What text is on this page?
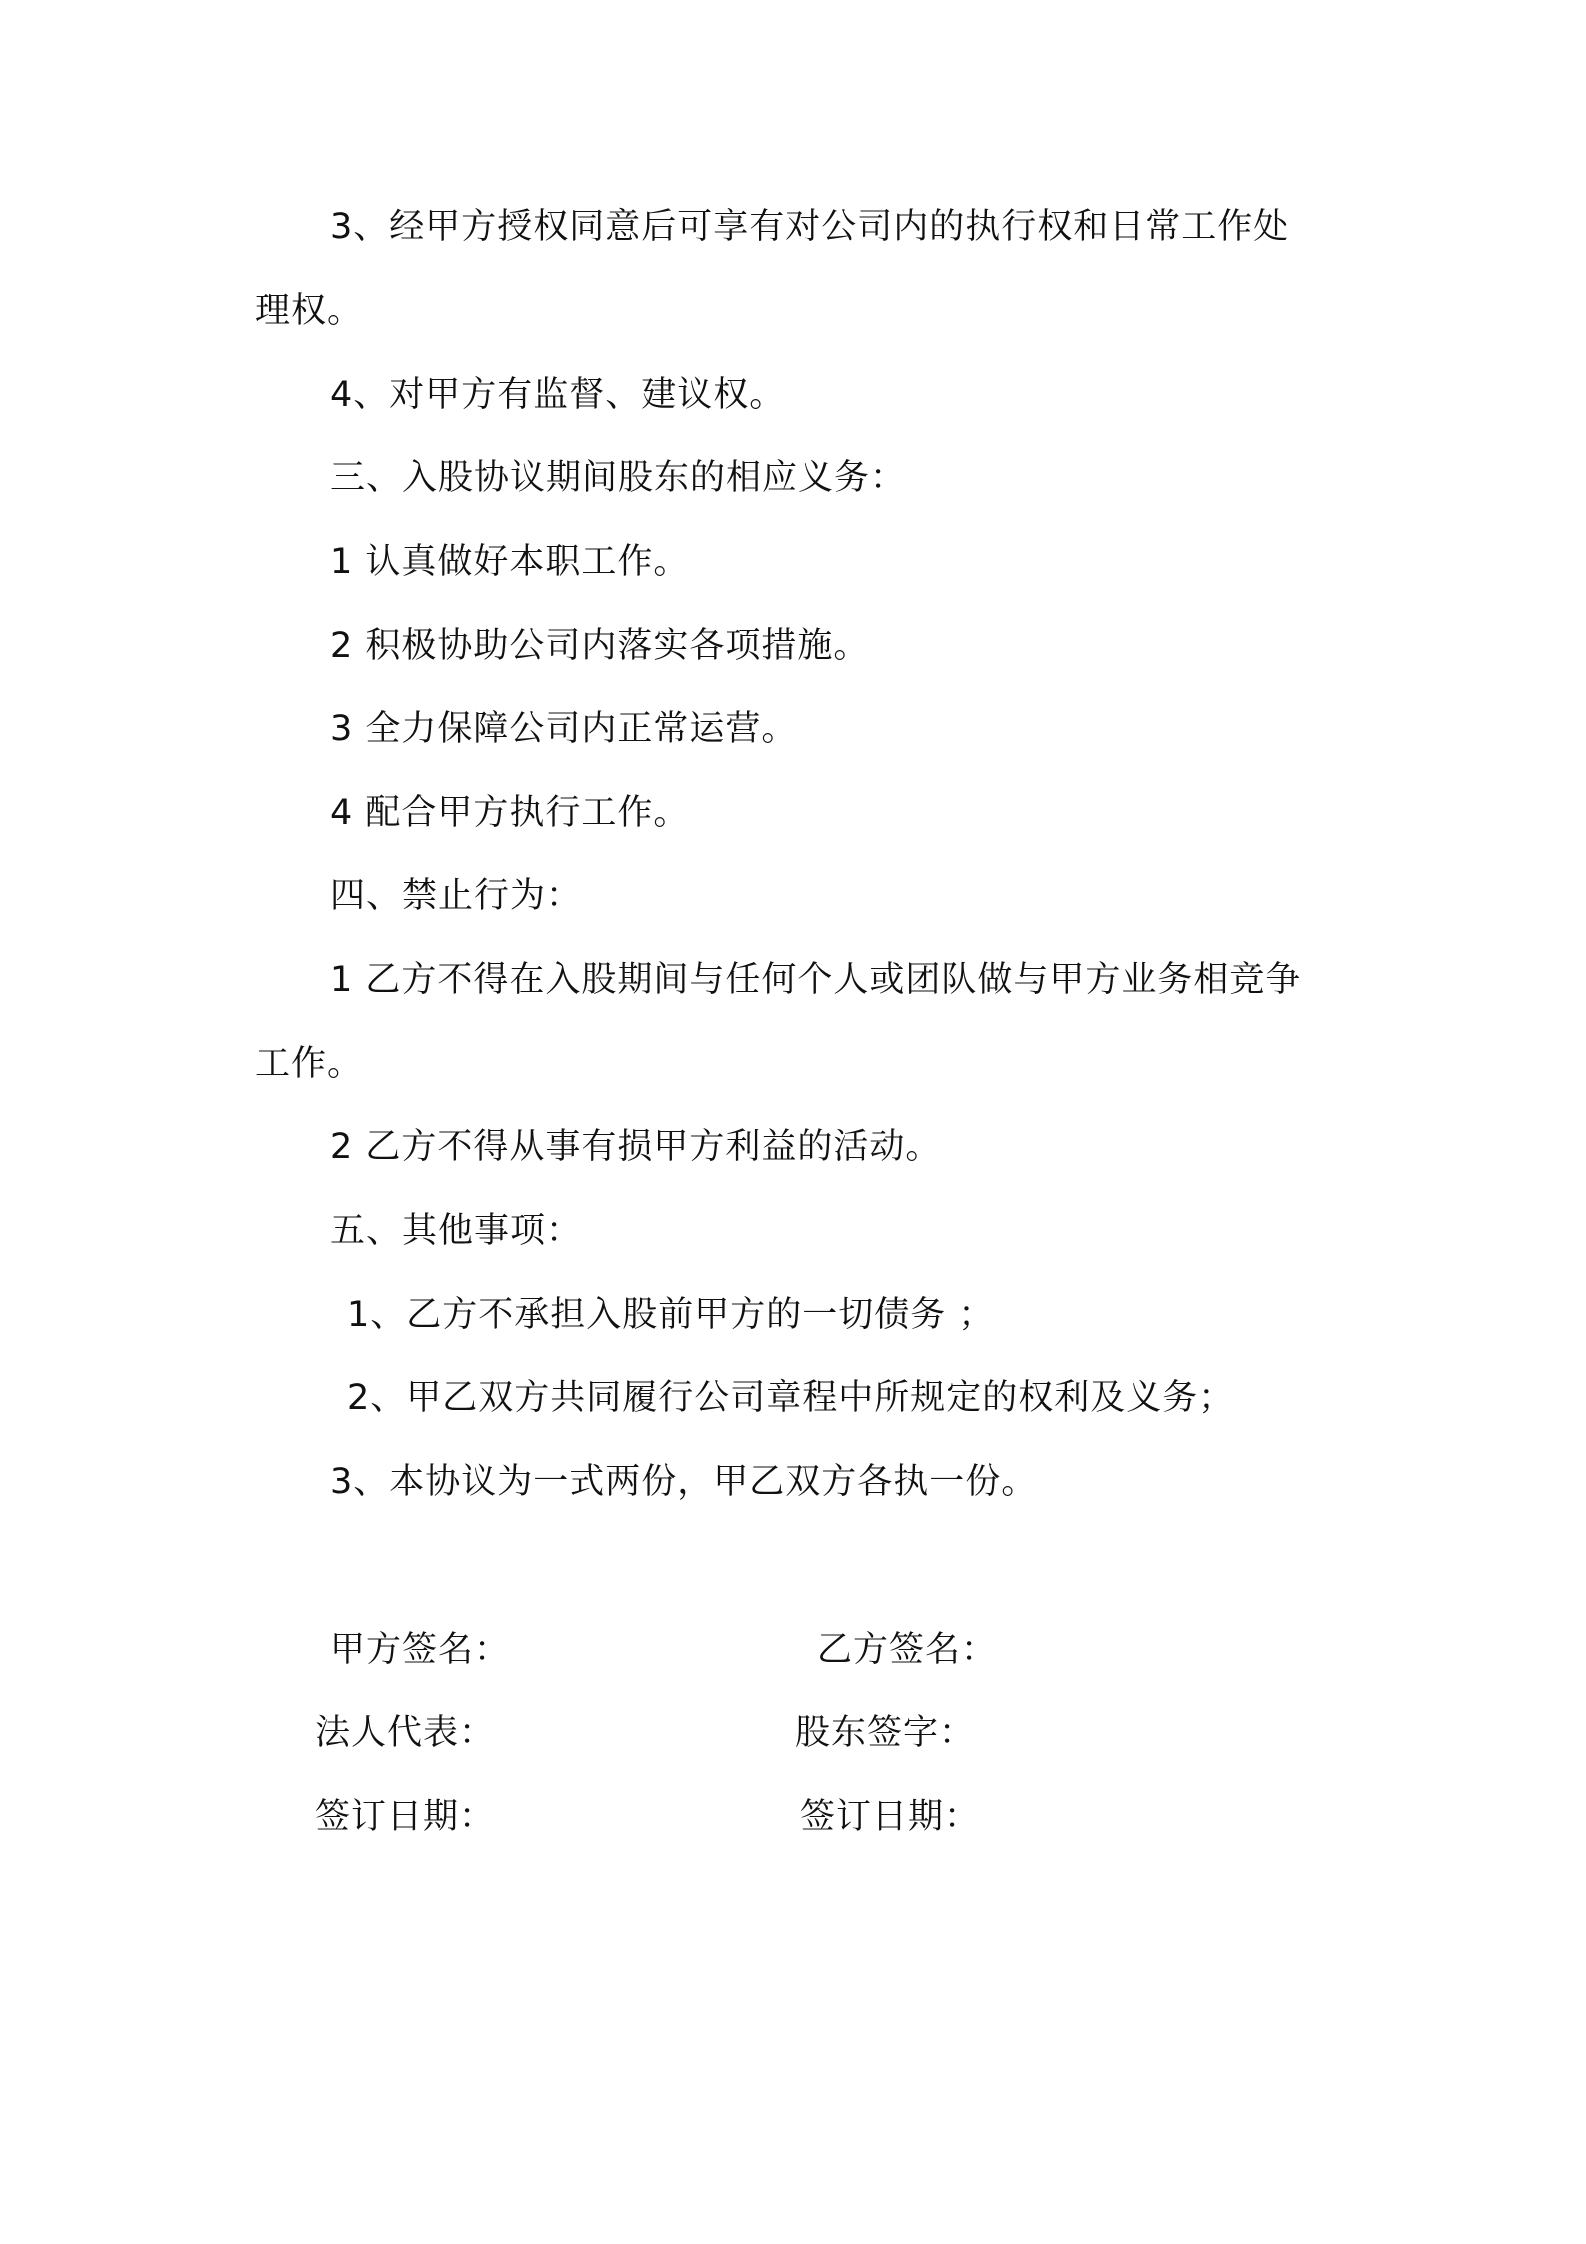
3、经甲方授权同意后可享有对公司内的执行权和日常工作处

理权。

4、对甲方有监督、建议权。

三、入股协议期间股东的相应义务：

1 认真做好本职工作。

2 积极协助公司内落实各项措施。

3 全力保障公司内正常运营。

4 配合甲方执行工作。

四、禁止行为：

1 乙方不得在入股期间与任何个人或团队做与甲方业务相竞争

工作。

2 乙方不得从事有损甲方利益的活动。

五、其他事项：

1、乙方不承担入股前甲方的一切债务 ；

2、甲乙双方共同履行公司章程中所规定的权利及义务；

3、本协议为一式两份，甲乙双方各执一份。

甲方签名：	乙方签名：
法人代表：	股东签字：
签订日期：	签订日期：
